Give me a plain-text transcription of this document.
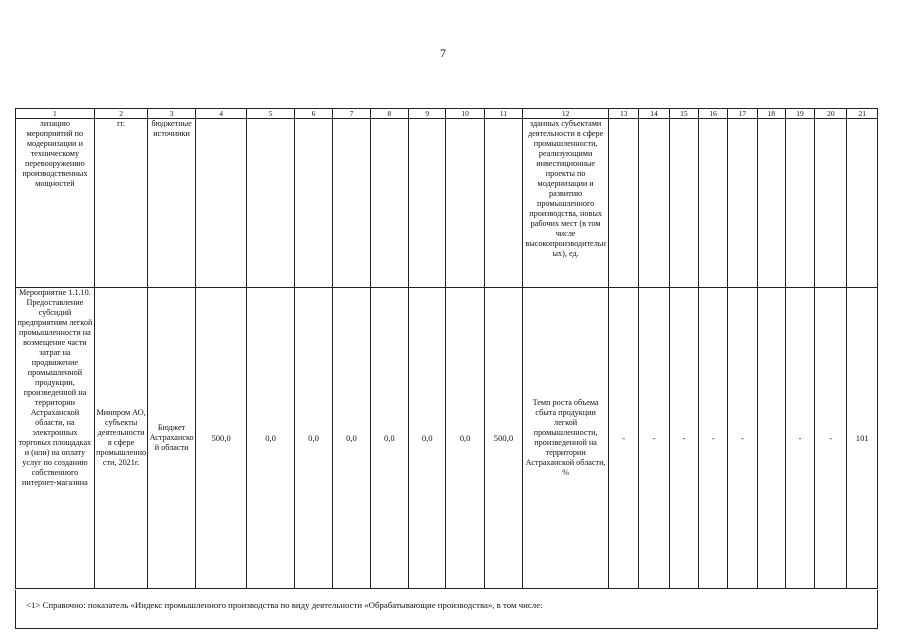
7
1	2	3	4	5	6	7	8	9	10	11	12	13	14	15	16	17	18	19	20	21
лизацию мероприятий по модернизации и техническому перевооружению производственных мощностей	гг.	бюджетные источники									зданных субъектами деятельности в сфере промышленности, реализующими инвестиционные проекты по модернизации и развитию промышленного производства, новых рабочих мест (в том числе высокопроизводительных), ед.									
Мероприятие 1.1.10. Предоставление субсидий предприятиям легкой промышленности на возмещение части затрат на продвижение промышленной продукции, произведенной на территории Астраханской области, на электронных торговых площадках и (или) на оплату услуг по созданию собственного интернет-магазина	Минпром АО, субъекты деятельности в сфере промышленности, 2021г.	Бюджет Астраханской области	500,0	0,0	0,0	0,0	0,0	0,0	0,0	500,0	Темп роста объема сбыта продукции легкой промышленности, произведенной на территории Астраханской области, %	-	-	-	-	-		-	-	101
<1> Справочно: показатель «Индекс промышленного производства по виду деятельности «Обрабатывающие производства», в том числе:
